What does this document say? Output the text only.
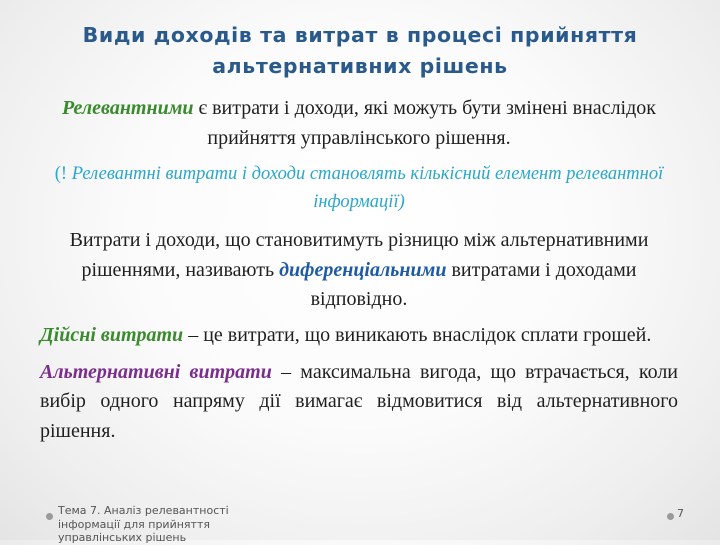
Види доходів та витрат в процесі прийняття альтернативних рішень

Релевантними є витрати і доходи, які можуть бути змінені внаслідок прийняття управлінського рішення.

(! Релевантні витрати і доходи становлять кількісний елемент релевантної інформації)

Витрати і доходи, що становитимуть різницю між альтернативними рішеннями, називають диференціальними витратами і доходами відповідно.

Дійсні витрати – це витрати, що виникають внаслідок сплати грошей.

Альтернативні витрати – максимальна вигода, що втрачається, коли вибір одного напряму дії вимагає відмовитися від альтернативного рішення.

Тема 7. Аналіз релевантності інформації для прийняття управлінських рішень
7
